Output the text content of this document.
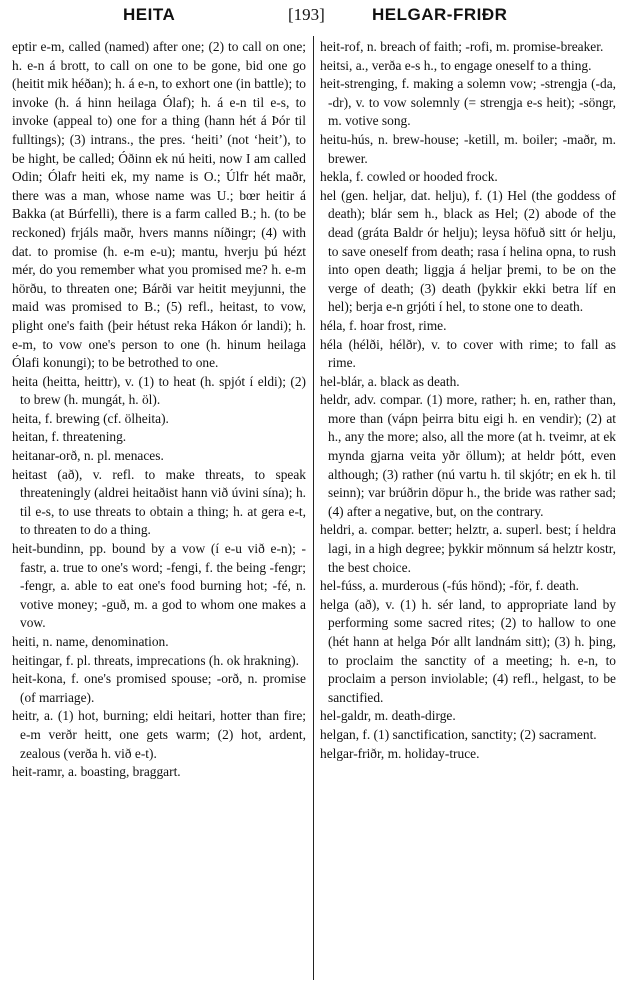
HEITA	[193]	HELGAR-FRIÐR

eptir e-m, called (named) after one; (2) to call on one; h. e-n á brott, to call on one to be gone, bid one go (heitit mik héðan); h. á e-n, to exhort one (in battle); to invoke (h. á hinn heilaga Ólaf); h. á e-n til e-s, to invoke (appeal to) one for a thing (hann hét á Þór til fulltings); (3) intrans., the pres. ‘heiti’ (not ‘heit’), to be hight, be called; Óðinn ek nú heiti, now I am called Odin; Ólafr heiti ek, my name is O.; Úlfr hét maðr, there was a man, whose name was U.; bœr heitir á Bakka (at Búrfelli), there is a farm called B.; h. (to be reckoned) frjáls maðr, hvers manns níðingr; (4) with dat. to promise (h. e-m e-u); mantu, hverju þú hézt mér, do you remember what you promised me? h. e-m hörðu, to threaten one; Bárði var heitit meyjunni, the maid was promised to B.; (5) refl., heitast, to vow, plight one's faith (þeir hétust reka Hákon ór landi); h. e-m, to vow one's person to one (h. hinum heilaga Ólafi konungi); to be betrothed to one.

heita (heitta, heittr), v. (1) to heat (h. spjót í eldi); (2) to brew (h. mungát, h. öl).

heita, f. brewing (cf. ölheita).

heitan, f. threatening.

heitanar-orð, n. pl. menaces.

heitast (að), v. refl. to make threats, to speak threateningly (aldrei heitaðist hann við úvini sína); h. til e-s, to use threats to obtain a thing; h. at gera e-t, to threaten to do a thing.

heit-bundinn, pp. bound by a vow (í e-u við e-n); -fastr, a. true to one's word; -fengi, f. the being -fengr; -fengr, a. able to eat one's food burning hot; -fé, n. votive money; -guð, m. a god to whom one makes a vow.

heiti, n. name, denomination.

heitingar, f. pl. threats, imprecations (h. ok hrakning).

heit-kona, f. one's promised spouse; -orð, n. promise (of marriage).

heitr, a. (1) hot, burning; eldi heitari, hotter than fire; e-m verðr heitt, one gets warm; (2) hot, ardent, zealous (verða h. við e-t).

heit-ramr, a. boasting, braggart.

heit-rof, n. breach of faith; -rofi, m. promise-breaker.

heitsi, a., verða e-s h., to engage oneself to a thing.

heit-strenging, f. making a solemn vow; -strengja (-da, -dr), v. to vow solemnly (= strengja e-s heit); -söngr, m. votive song.

heitu-hús, n. brew-house; -ketill, m. boiler; -maðr, m. brewer.

hekla, f. cowled or hooded frock.

hel (gen. heljar, dat. helju), f. (1) Hel (the goddess of death); blár sem h., black as Hel; (2) abode of the dead (gráta Baldr ór helju); leysa höfuð sitt ór helju, to save oneself from death; rasa í helina opna, to rush into open death; liggja á heljar þremi, to be on the verge of death; (3) death (þykkir ekki betra líf en hel); berja e-n grjóti í hel, to stone one to death.

héla, f. hoar frost, rime.

héla (hélði, hélðr), v. to cover with rime; to fall as rime.

hel-blár, a. black as death.

heldr, adv. compar. (1) more, rather; h. en, rather than, more than (vápn þeirra bitu eigi h. en vendir); (2) at h., any the more; also, all the more (at h. tveimr, at ek mynda gjarna veita yðr öllum); at heldr þótt, even although; (3) rather (nú vartu h. til skjótr; en ek h. til seinn); var brúðrin döpur h., the bride was rather sad; (4) after a negative, but, on the contrary.

heldri, a. compar. better; helztr, a. superl. best; í heldra lagi, in a high degree; þykkir mönnum sá helztr kostr, the best choice.

hel-fúss, a. murderous (-fús hönd); -för, f. death.

helga (að), v. (1) h. sér land, to appropriate land by performing some sacred rites; (2) to hallow to one (hét hann at helga Þór allt landnám sitt); (3) h. þing, to proclaim the sanctity of a meeting; h. e-n, to proclaim a person inviolable; (4) refl., helgast, to be sanctified.

hel-galdr, m. death-dirge.

helgan, f. (1) sanctification, sanctity; (2) sacrament.

helgar-friðr, m. holiday-truce.
